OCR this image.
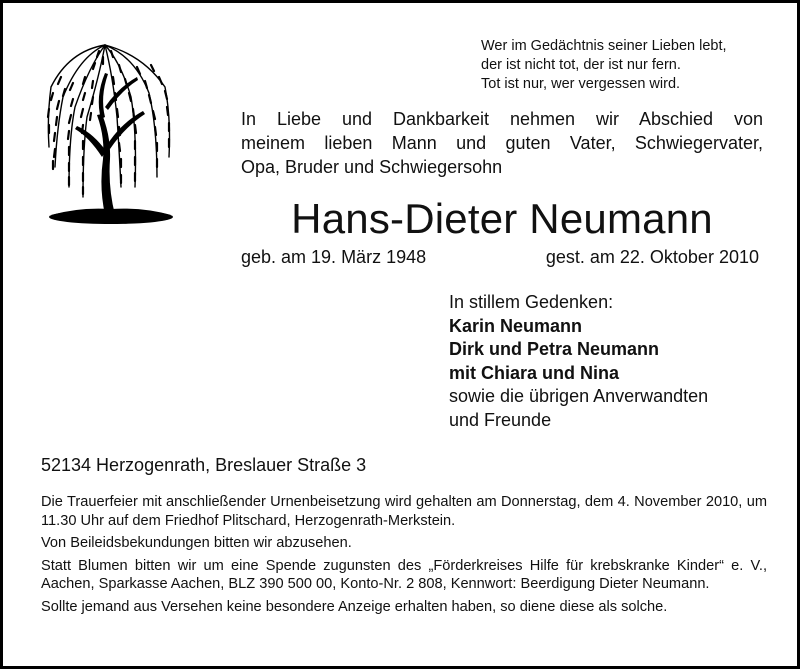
Wer im Gedächtnis seiner Lieben lebt,
der ist nicht tot, der ist nur fern.
Tot ist nur, wer vergessen wird.
In Liebe und Dankbarkeit nehmen wir Abschied von
meinem lieben Mann und guten Vater, Schwiegervater,
Opa, Bruder und Schwiegersohn
Hans-Dieter Neumann
geb. am 19. März 1948	gest. am 22. Oktober 2010
In stillem Gedenken:
Karin Neumann
Dirk und Petra Neumann
mit Chiara und Nina
sowie die übrigen Anverwandten
und Freunde
52134 Herzogenrath, Breslauer Straße 3

Die Trauerfeier mit anschließender Urnenbeisetzung wird gehalten am Donnerstag, dem 4. November 2010, um 11.30 Uhr auf dem Friedhof Plitschard, Herzogenrath-Merkstein.

Von Beileidsbekundungen bitten wir abzusehen.

Statt Blumen bitten wir um eine Spende zugunsten des „Förderkreises Hilfe für krebskranke Kinder“ e. V., Aachen, Sparkasse Aachen, BLZ 390 500 00, Konto-Nr. 2 808, Kennwort: Beerdigung Dieter Neumann.

Sollte jemand aus Versehen keine besondere Anzeige erhalten haben, so diene diese als solche.
